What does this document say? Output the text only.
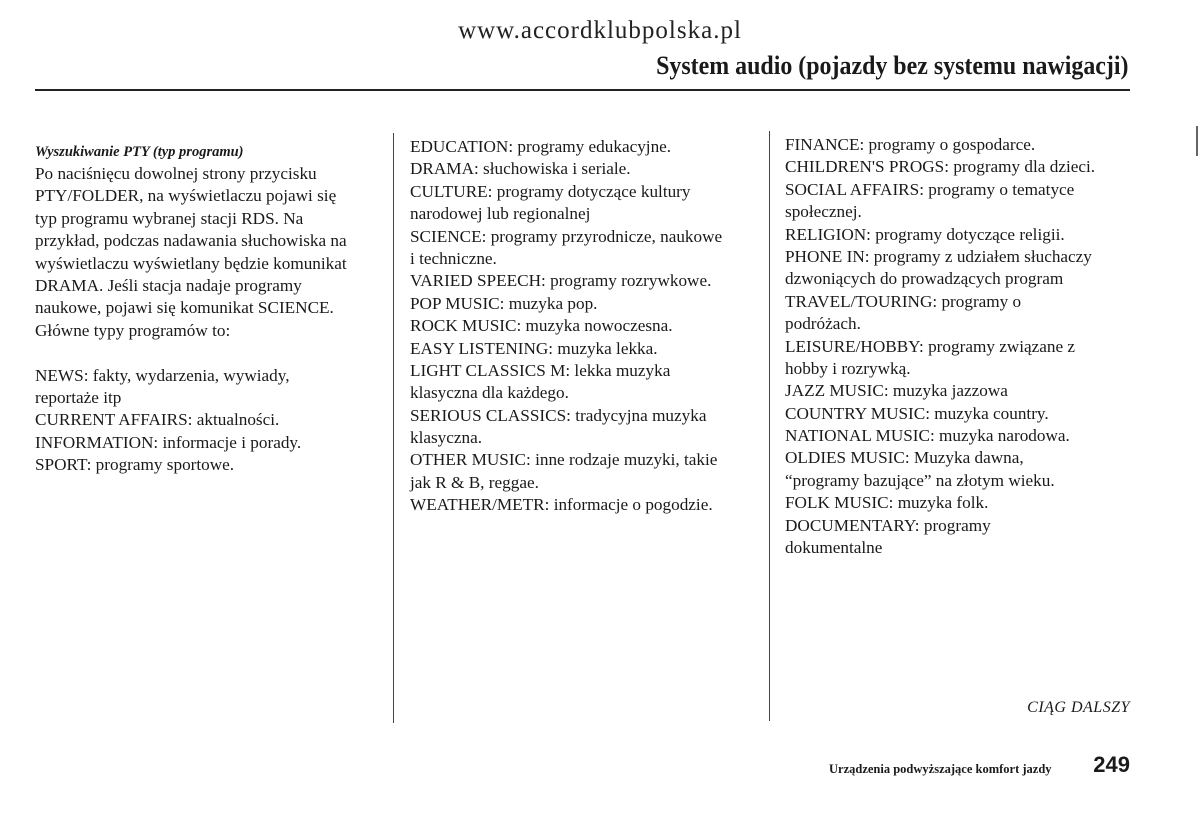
www.accordklubpolska.pl
System audio (pojazdy bez systemu nawigacji)
Wyszukiwanie PTY (typ programu)
Po naciśnięcu dowolnej strony przycisku
PTY/FOLDER, na wyświetlaczu pojawi się
typ programu wybranej stacji RDS. Na
przykład, podczas nadawania słuchowiska na
wyświetlaczu wyświetlany będzie komunikat
DRAMA. Jeśli stacja nadaje programy
naukowe, pojawi się komunikat SCIENCE.
Główne typy programów to:
NEWS: fakty, wydarzenia, wywiady,
reportaże itp
CURRENT AFFAIRS: aktualności.
INFORMATION: informacje i porady.
SPORT: programy sportowe.
EDUCATION: programy edukacyjne.
DRAMA: słuchowiska i seriale.
CULTURE: programy dotyczące kultury
narodowej lub regionalnej
SCIENCE: programy przyrodnicze, naukowe
i techniczne.
VARIED SPEECH: programy rozrywkowe.
POP MUSIC: muzyka pop.
ROCK MUSIC: muzyka nowoczesna.
EASY LISTENING: muzyka lekka.
LIGHT CLASSICS M: lekka muzyka
klasyczna dla każdego.
SERIOUS CLASSICS: tradycyjna muzyka
klasyczna.
OTHER MUSIC: inne rodzaje muzyki, takie
jak R & B, reggae.
WEATHER/METR: informacje o pogodzie.
FINANCE: programy o gospodarce.
CHILDREN'S PROGS: programy dla dzieci.
SOCIAL AFFAIRS: programy o tematyce
społecznej.
RELIGION: programy dotyczące religii.
PHONE IN: programy z udziałem słuchaczy
dzwoniących do prowadzących program
TRAVEL/TOURING: programy o
podróżach.
LEISURE/HOBBY: programy związane z
hobby i rozrywką.
JAZZ MUSIC: muzyka jazzowa
COUNTRY MUSIC: muzyka country.
NATIONAL MUSIC: muzyka narodowa.
OLDIES MUSIC: Muzyka dawna,
“programy bazujące” na złotym wieku.
FOLK MUSIC: muzyka folk.
DOCUMENTARY: programy
dokumentalne
CIĄG DALSZY
Urządzenia podwyższające komfort jazdy 249
